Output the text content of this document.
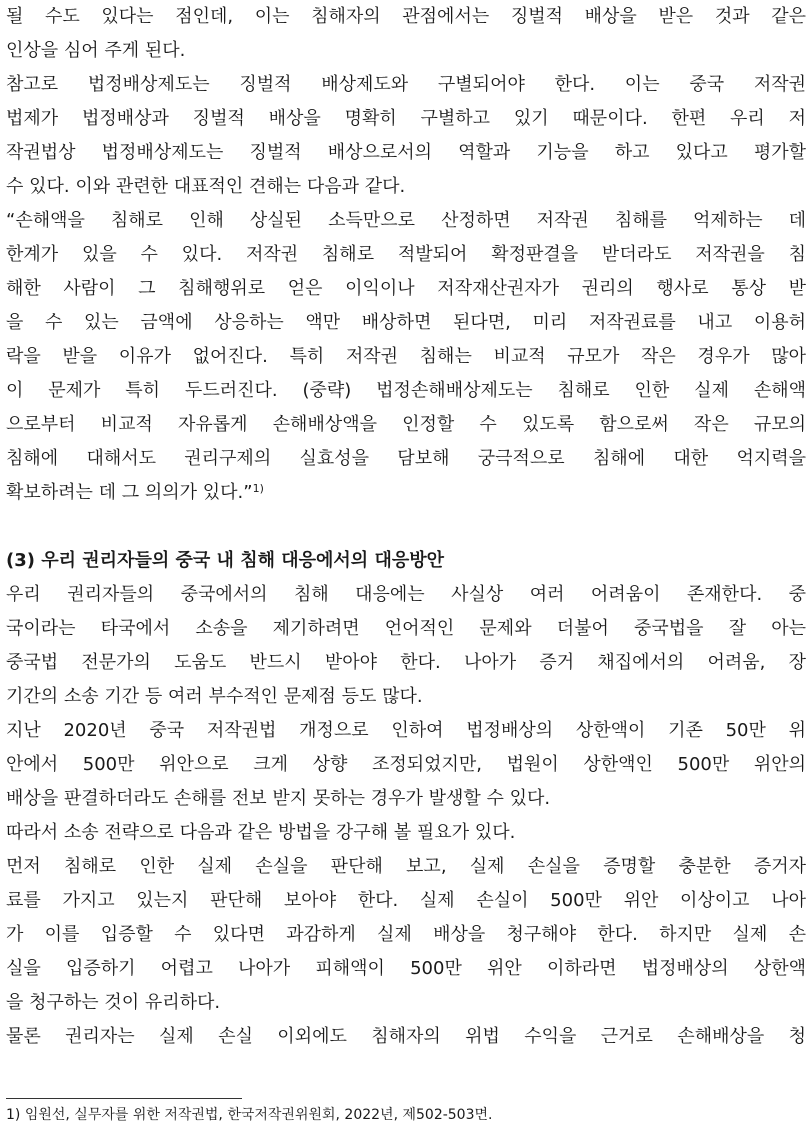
될 수도 있다는 점인데, 이는 침해자의 관점에서는 징벌적 배상을 받은 것과 같은
인상을 심어 주게 된다.
참고로 법정배상제도는 징벌적 배상제도와 구별되어야 한다. 이는 중국 저작권
법제가 법정배상과 징벌적 배상을 명확히 구별하고 있기 때문이다. 한편 우리 저
작권법상 법정배상제도는 징벌적 배상으로서의 역할과 기능을 하고 있다고 평가할
수 있다. 이와 관련한 대표적인 견해는 다음과 같다.
“손해액을 침해로 인해 상실된 소득만으로 산정하면 저작권 침해를 억제하는 데
한계가 있을 수 있다. 저작권 침해로 적발되어 확정판결을 받더라도 저작권을 침
해한 사람이 그 침해행위로 얻은 이익이나 저작재산권자가 권리의 행사로 통상 받
을 수 있는 금액에 상응하는 액만 배상하면 된다면, 미리 저작권료를 내고 이용허
락을 받을 이유가 없어진다. 특히 저작권 침해는 비교적 규모가 작은 경우가 많아
이 문제가 특히 두드러진다. (중략) 법정손해배상제도는 침해로 인한 실제 손해액
으로부터 비교적 자유롭게 손해배상액을 인정할 수 있도록 함으로써 작은 규모의
침해에 대해서도 권리구제의 실효성을 담보해 궁극적으로 침해에 대한 억지력을
확보하려는 데 그 의의가 있다.”$^{1)}$
(3) 우리 권리자들의 중국 내 침해 대응에서의 대응방안
우리 권리자들의 중국에서의 침해 대응에는 사실상 여러 어려움이 존재한다. 중
국이라는 타국에서 소송을 제기하려면 언어적인 문제와 더불어 중국법을 잘 아는
중국법 전문가의 도움도 반드시 받아야 한다. 나아가 증거 채집에서의 어려움, 장
기간의 소송 기간 등 여러 부수적인 문제점 등도 많다.
지난 2020년 중국 저작권법 개정으로 인하여 법정배상의 상한액이 기존 50만 위
안에서 500만 위안으로 크게 상향 조정되었지만, 법원이 상한액인 500만 위안의
배상을 판결하더라도 손해를 전보 받지 못하는 경우가 발생할 수 있다.
따라서 소송 전략으로 다음과 같은 방법을 강구해 볼 필요가 있다.
먼저 침해로 인한 실제 손실을 판단해 보고, 실제 손실을 증명할 충분한 증거자
료를 가지고 있는지 판단해 보아야 한다. 실제 손실이 500만 위안 이상이고 나아
가 이를 입증할 수 있다면 과감하게 실제 배상을 청구해야 한다. 하지만 실제 손
실을 입증하기 어렵고 나아가 피해액이 500만 위안 이하라면 법정배상의 상한액
을 청구하는 것이 유리하다.
물론 권리자는 실제 손실 이외에도 침해자의 위법 수익을 근거로 손해배상을 청
1) 임원선, 실무자를 위한 저작권법, 한국저작권위원회, 2022년, 제502-503면.
